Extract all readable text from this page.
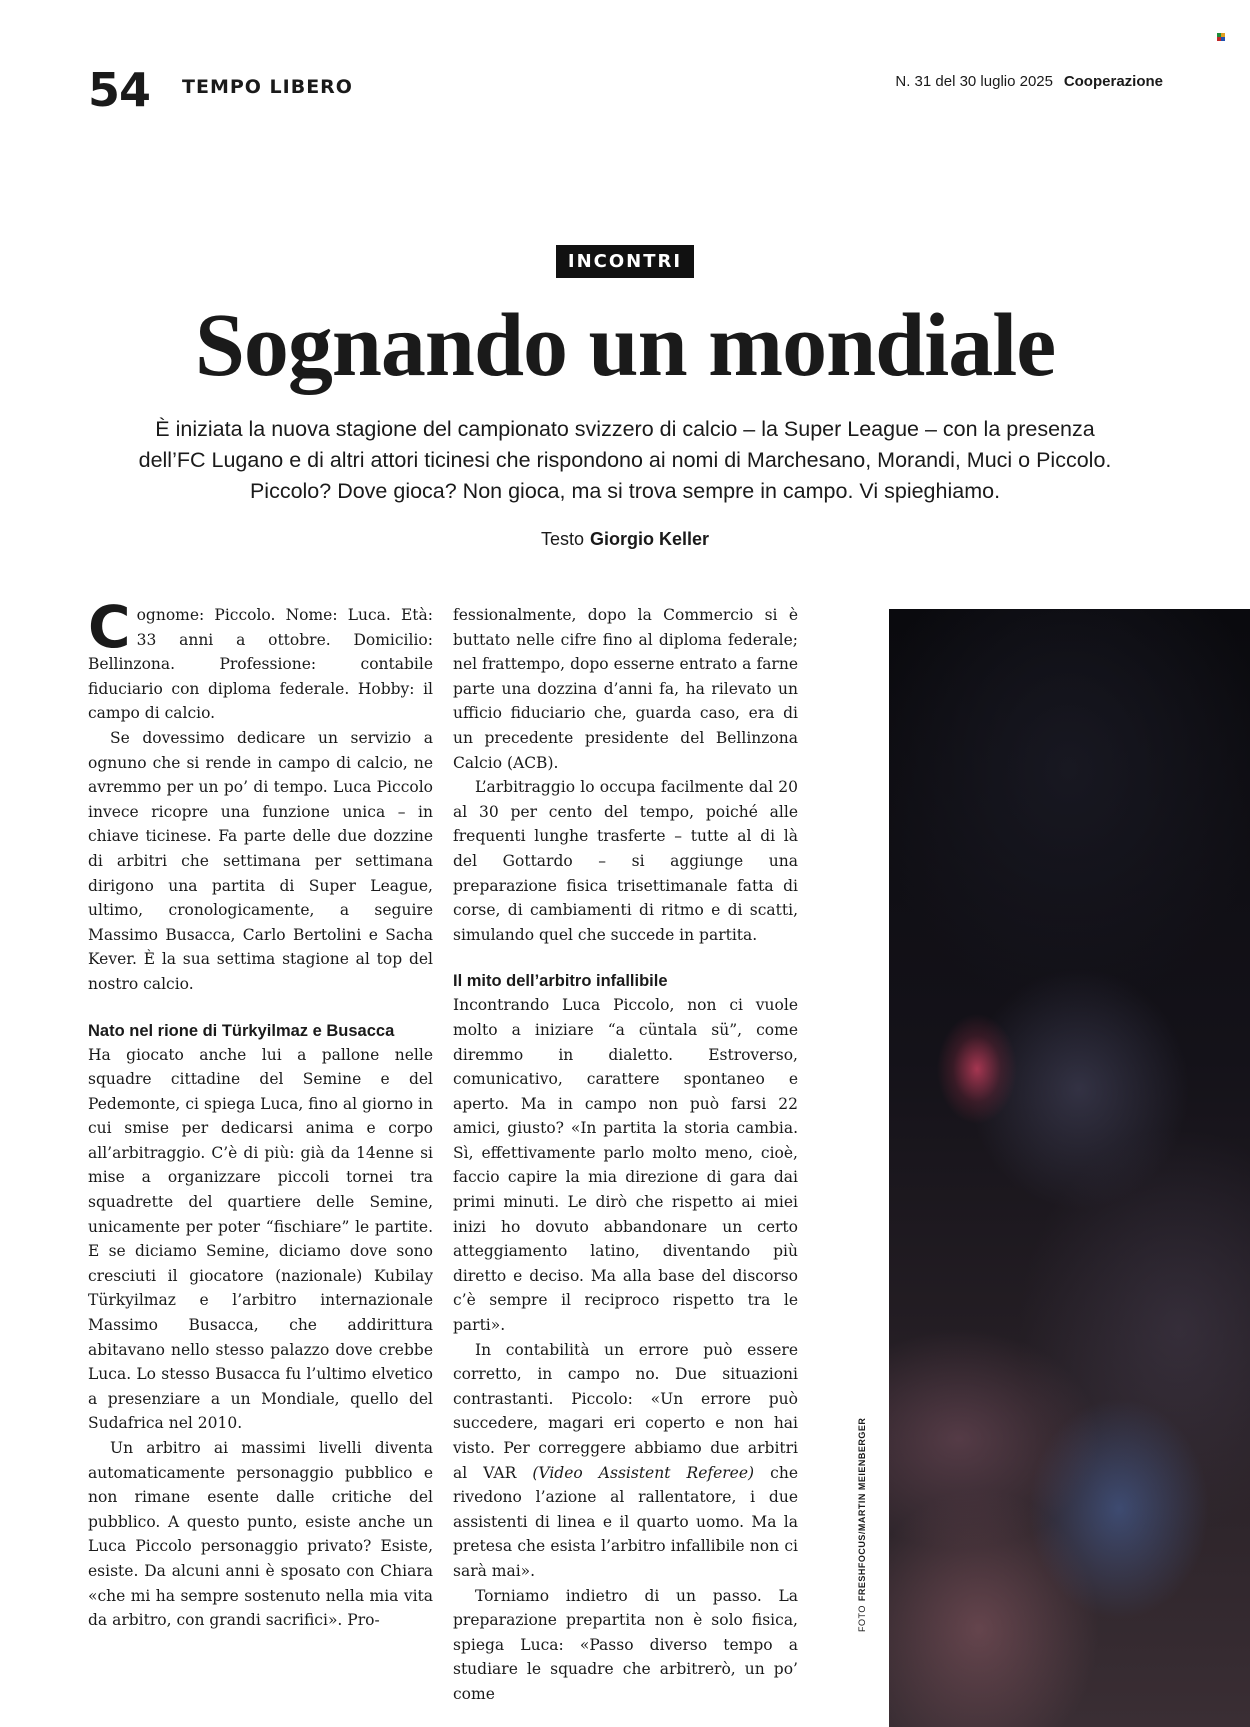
54 TEMPO LIBERO	N. 31 del 30 luglio 2025 Cooperazione
INCONTRI
Sognando un mondiale

È iniziata la nuova stagione del campionato svizzero di calcio – la Super League – con la presenza dell’FC Lugano e di altri attori ticinesi che rispondono ai nomi di Marchesano, Morandi, Muci o Piccolo. Piccolo? Dove gioca? Non gioca, ma si trova sempre in campo. Vi spieghiamo.

Testo Giorgio Keller

Cognome: Piccolo. Nome: Luca. Età: 33 anni a ottobre. Domicilio: Bellinzona. Professione: contabile fiduciario con diploma federale. Hobby: il campo di calcio.

Se dovessimo dedicare un servizio a ognuno che si rende in campo di calcio, ne avremmo per un po’ di tempo. Luca Piccolo invece ricopre una funzione unica – in chiave ticinese. Fa parte delle due dozzine di arbitri che settimana per settimana dirigono una partita di Super League, ultimo, cronologicamente, a seguire Massimo Busacca, Carlo Bertolini e Sacha Kever. È la sua settima stagione al top del nostro calcio.

Nato nel rione di Türkyilmaz e Busacca

Ha giocato anche lui a pallone nelle squadre cittadine del Semine e del Pedemonte, ci spiega Luca, fino al giorno in cui smise per dedicarsi anima e corpo all’arbitraggio. C’è di più: già da 14enne si mise a organizzare piccoli tornei tra squadrette del quartiere delle Semine, unicamente per poter “fischiare” le partite. E se diciamo Semine, diciamo dove sono cresciuti il giocatore (nazionale) Kubilay Türkyilmaz e l’arbitro internazionale Massimo Busacca, che addirittura abitavano nello stesso palazzo dove crebbe Luca. Lo stesso Busacca fu l’ultimo elvetico a presenziare a un Mondiale, quello del Sudafrica nel 2010.

Un arbitro ai massimi livelli diventa automaticamente personaggio pubblico e non rimane esente dalle critiche del pubblico. A questo punto, esiste anche un Luca Piccolo personaggio privato? Esiste, esiste. Da alcuni anni è sposato con Chiara «che mi ha sempre sostenuto nella mia vita da arbitro, con grandi sacrifici». Pro-

fessionalmente, dopo la Commercio si è buttato nelle cifre fino al diploma federale; nel frattempo, dopo esserne entrato a farne parte una dozzina d’anni fa, ha rilevato un ufficio fiduciario che, guarda caso, era di un precedente presidente del Bellinzona Calcio (ACB).

L’arbitraggio lo occupa facilmente dal 20 al 30 per cento del tempo, poiché alle frequenti lunghe trasferte – tutte al di là del Gottardo – si aggiunge una preparazione fisica trisettimanale fatta di corse, di cambiamenti di ritmo e di scatti, simulando quel che succede in partita.

Il mito dell’arbitro infallibile

Incontrando Luca Piccolo, non ci vuole molto a iniziare “a cüntala sü”, come diremmo in dialetto. Estroverso, comunicativo, carattere spontaneo e aperto. Ma in campo non può farsi 22 amici, giusto? «In partita la storia cambia. Sì, effettivamente parlo molto meno, cioè, faccio capire la mia direzione di gara dai primi minuti. Le dirò che rispetto ai miei inizi ho dovuto abbandonare un certo atteggiamento latino, diventando più diretto e deciso. Ma alla base del discorso c’è sempre il reciproco rispetto tra le parti».

In contabilità un errore può essere corretto, in campo no. Due situazioni contrastanti. Piccolo: «Un errore può succedere, magari eri coperto e non hai visto. Per correggere abbiamo due arbitri al VAR (Video Assistent Referee) che rivedono l’azione al rallentatore, i due assistenti di linea e il quarto uomo. Ma la pretesa che esista l’arbitro infallibile non ci sarà mai».

Torniamo indietro di un passo. La preparazione prepartita non è solo fisica, spiega Luca: «Passo diverso tempo a studiare le squadre che arbitrerò, un po’ come

FOTOFRESHFOCUS/MARTIN MEIENBERGER
